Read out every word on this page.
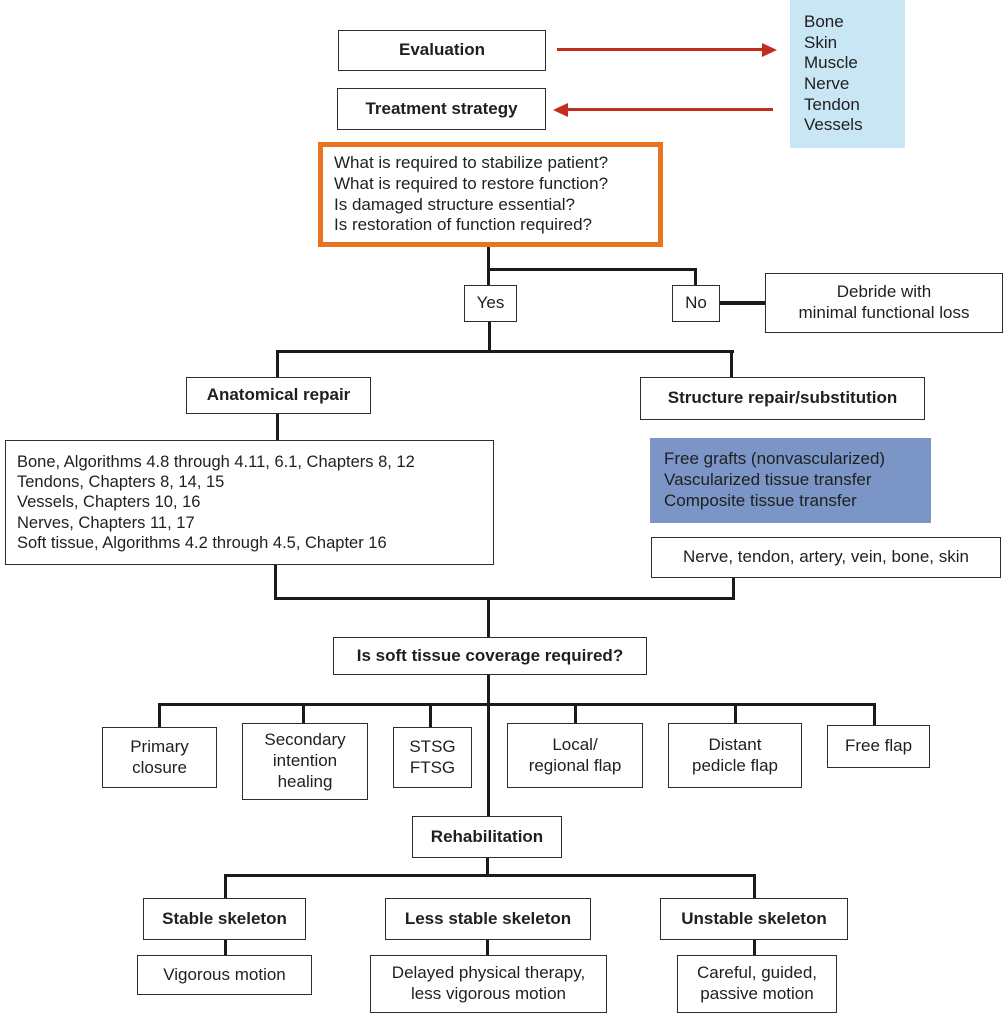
Evaluation
Treatment strategy
Bone
Skin
Muscle
Nerve
Tendon
Vessels
What is required to stabilize patient?
What is required to restore function?
Is damaged structure essential?
Is restoration of function required?
Yes	No
Debride with
minimal functional loss
Anatomical repair	Structure repair/substitution
Bone, Algorithms 4.8 through 4.11, 6.1, Chapters 8, 12
Tendons, Chapters 8, 14, 15
Vessels, Chapters 10, 16
Nerves, Chapters 11, 17
Soft tissue, Algorithms 4.2 through 4.5, Chapter 16
Free grafts (nonvascularized)
Vascularized tissue transfer
Composite tissue transfer
Nerve, tendon, artery, vein, bone, skin
Is soft tissue coverage required?
Primary
closure
Secondary
intention
healing
STSG
FTSG
Local/
regional flap
Distant
pedicle flap
Free flap
Rehabilitation
Stable skeleton	Less stable skeleton	Unstable skeleton
Vigorous motion	Delayed physical therapy,
less vigorous motion
Careful, guided,
passive motion
